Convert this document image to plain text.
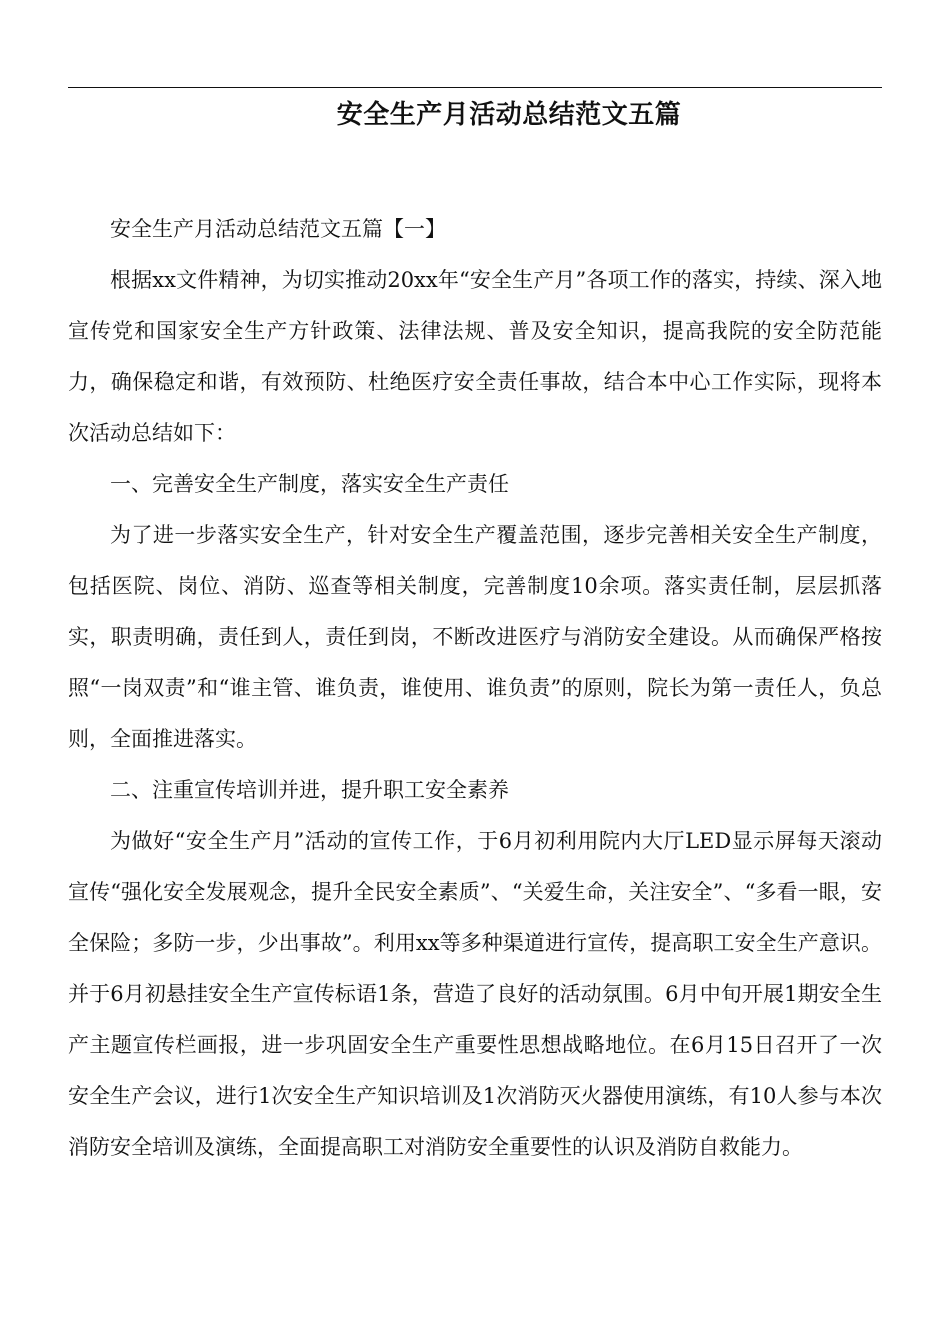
安全生产月活动总结范文五篇

安全生产月活动总结范文五篇【一】

根据xx文件精神，为切实推动20xx年“安全生产月”各项工作的落实，持续、深入地宣传党和国家安全生产方针政策、法律法规、普及安全知识，提高我院的安全防范能力，确保稳定和谐，有效预防、杜绝医疗安全责任事故，结合本中心工作实际，现将本次活动总结如下：

一、完善安全生产制度，落实安全生产责任

为了进一步落实安全生产，针对安全生产覆盖范围，逐步完善相关安全生产制度，包括医院、岗位、消防、巡查等相关制度，完善制度10余项。落实责任制，层层抓落实，职责明确，责任到人，责任到岗，不断改进医疗与消防安全建设。从而确保严格按照“一岗双责”和“谁主管、谁负责，谁使用、谁负责”的原则，院长为第一责任人，负总则，全面推进落实。

二、注重宣传培训并进，提升职工安全素养

为做好“安全生产月”活动的宣传工作，于6月初利用院内大厅LED显示屏每天滚动宣传“强化安全发展观念，提升全民安全素质”、“关爱生命，关注安全”、“多看一眼，安全保险；多防一步，少出事故”。利用xx等多种渠道进行宣传，提高职工安全生产意识。并于6月初悬挂安全生产宣传标语1条，营造了良好的活动氛围。6月中旬开展1期安全生产主题宣传栏画报，进一步巩固安全生产重要性思想战略地位。在6月15日召开了一次安全生产会议，进行1次安全生产知识培训及1次消防灭火器使用演练，有10人参与本次消防安全培训及演练，全面提高职工对消防安全重要性的认识及消防自救能力。
